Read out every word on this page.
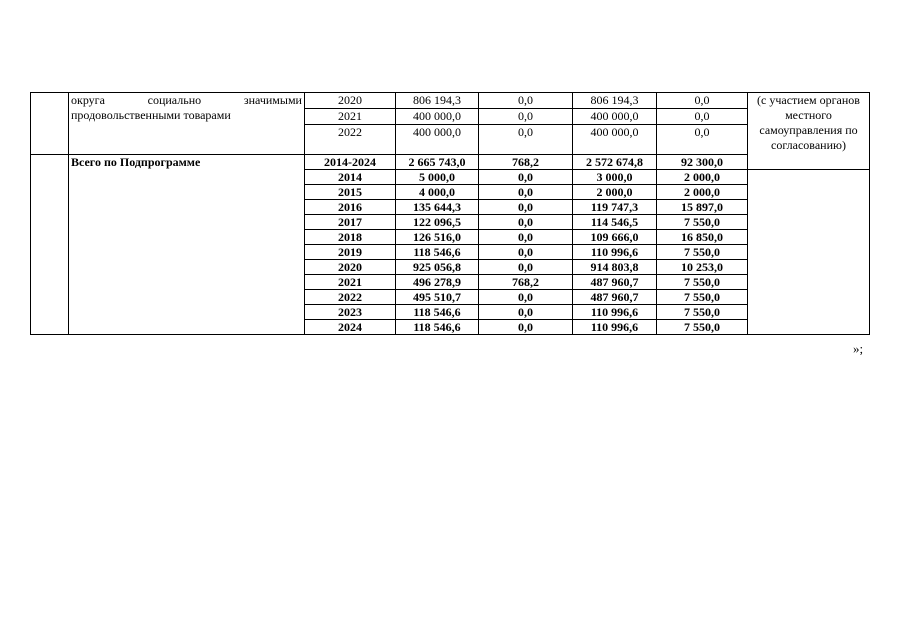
	округа социально значимыми
продовольственными товарами	2020	806 194,3	0,0	806 194,3	0,0	(с участием органов местного самоуправления по согласованию)
		2021	400 000,0	0,0	400 000,0	0,0	
		2022	400 000,0	0,0	400 000,0	0,0	
	Всего по Подпрограмме	2014-2024	2 665 743,0	768,2	2 572 674,8	92 300,0	
		2014	5 000,0	0,0	3 000,0	2 000,0	
		2015	4 000,0	0,0	2 000,0	2 000,0	
		2016	135 644,3	0,0	119 747,3	15 897,0	
		2017	122 096,5	0,0	114 546,5	7 550,0	
		2018	126 516,0	0,0	109 666,0	16 850,0	
		2019	118 546,6	0,0	110 996,6	7 550,0	
		2020	925 056,8	0,0	914 803,8	10 253,0	
		2021	496 278,9	768,2	487 960,7	7 550,0	
		2022	495 510,7	0,0	487 960,7	7 550,0	
		2023	118 546,6	0,0	110 996,6	7 550,0	
		2024	118 546,6	0,0	110 996,6	7 550,0	
»;
